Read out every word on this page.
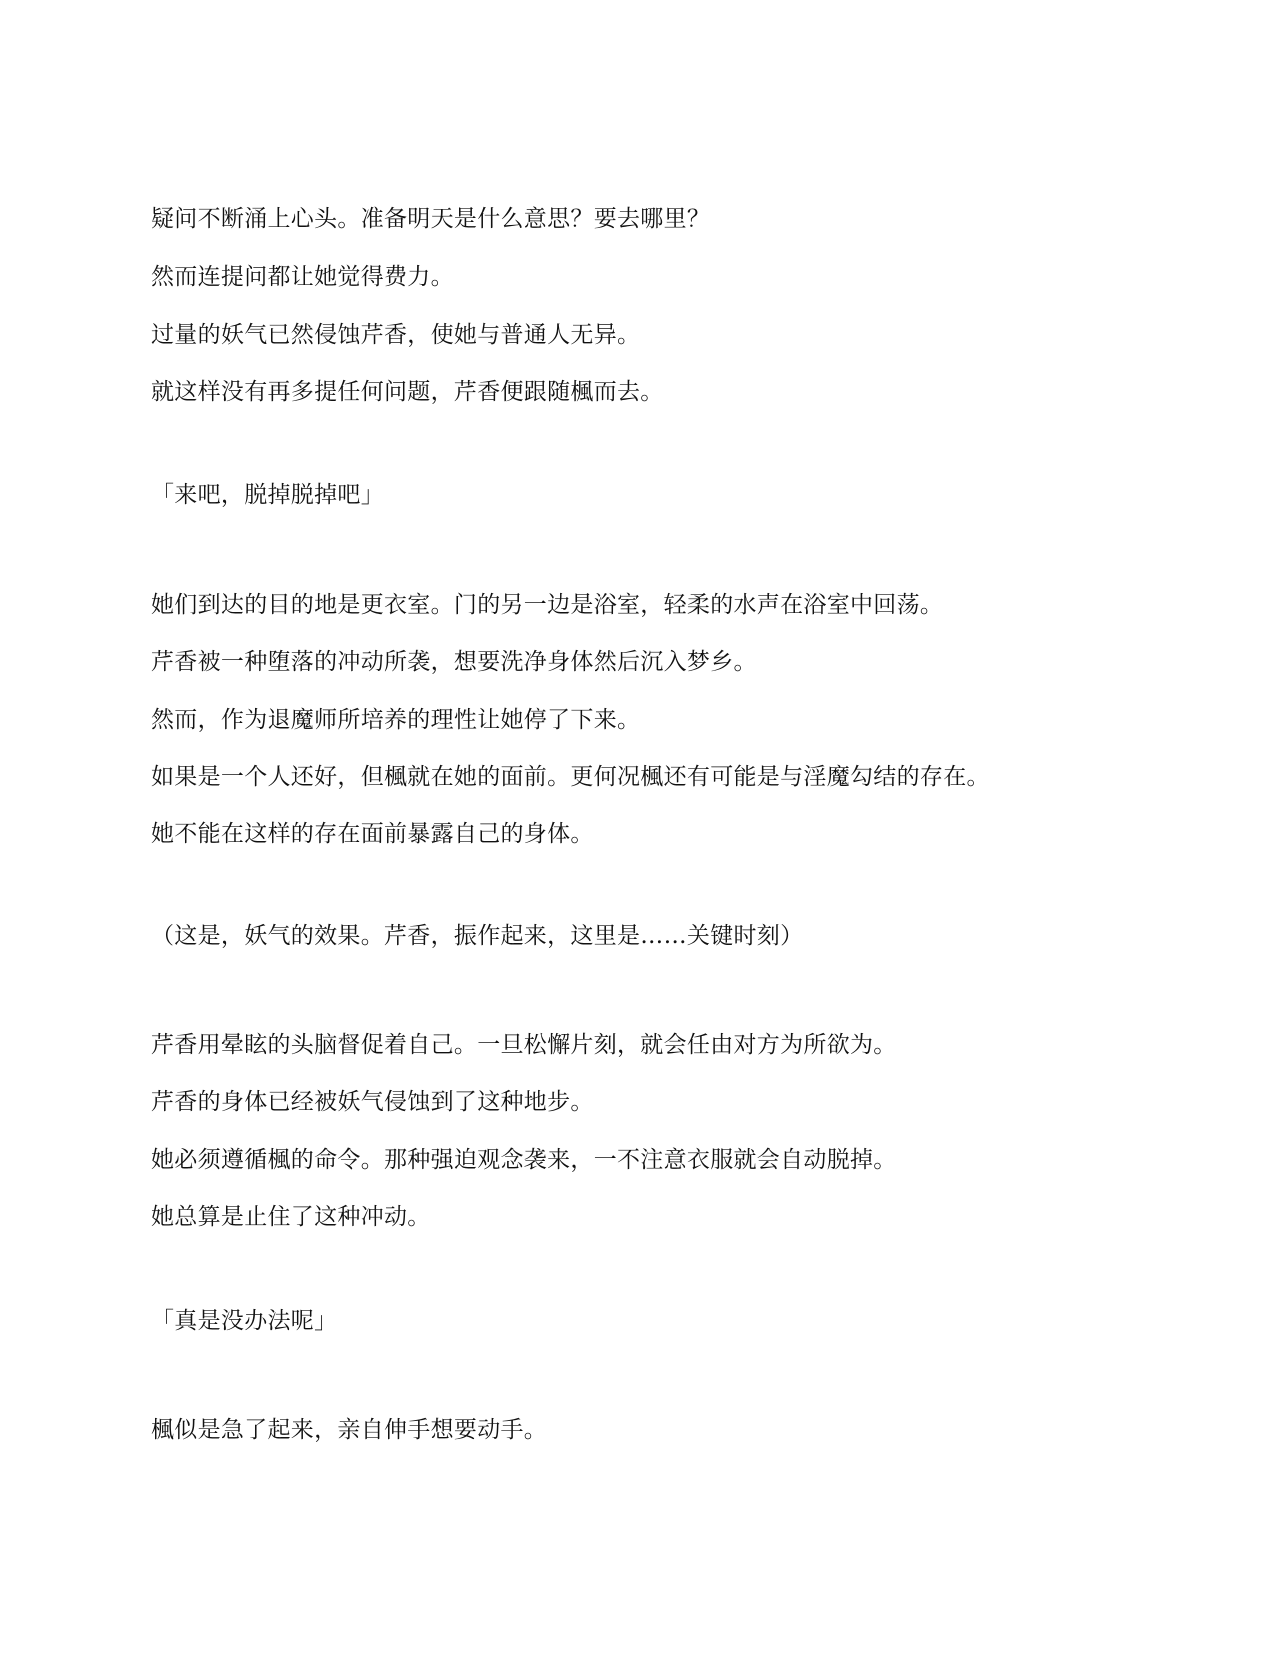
疑问不断涌上心头。准备明天是什么意思？要去哪里？
然而连提问都让她觉得费力。
过量的妖气已然侵蚀芹香，使她与普通人无异。
就这样没有再多提任何问题，芹香便跟随楓而去。
「来吧，脱掉脱掉吧」
她们到达的目的地是更衣室。门的另一边是浴室，轻柔的水声在浴室中回荡。
芹香被一种堕落的冲动所袭，想要洗净身体然后沉入梦乡。
然而，作为退魔师所培养的理性让她停了下来。
如果是一个人还好，但楓就在她的面前。更何况楓还有可能是与淫魔勾结的存在。
她不能在这样的存在面前暴露自己的身体。
（这是，妖气的效果。芹香，振作起来，这里是……关键时刻）
芹香用晕眩的头脑督促着自己。一旦松懈片刻，就会任由对方为所欲为。
芹香的身体已经被妖气侵蚀到了这种地步。
她必须遵循楓的命令。那种强迫观念袭来，一不注意衣服就会自动脱掉。
她总算是止住了这种冲动。
「真是没办法呢」
楓似是急了起来，亲自伸手想要动手。
